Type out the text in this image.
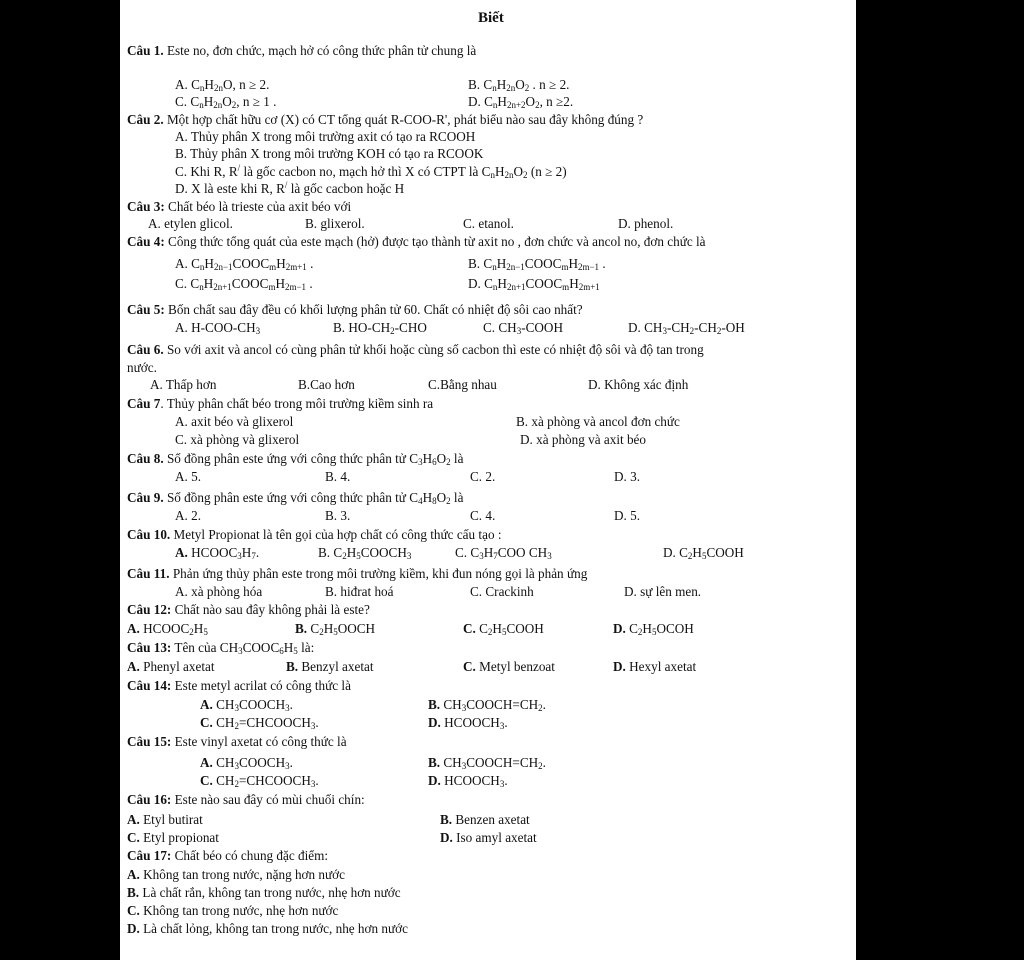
Biết
Câu 1. Este no, đơn chức, mạch hở có công thức phân tử chung là
A. $C_nH_{2n}O$, n ≥ 2.	B. $C_nH_{2n}O_2$ . n ≥ 2.
C. $C_nH_{2n}O_2$, n ≥ 1 .	D. $C_nH_{2n+2}O_2$, n ≥2.
Câu 2. Một hợp chất hữu cơ (X) có CT tổng quát R-COO-R', phát biểu nào sau đây không đúng ?
A. Thủy phân X trong môi trường axit có tạo ra RCOOH
B. Thủy phân X trong môi trường KOH có tạo ra RCOOK
C. Khi R, R/ là gốc cacbon no, mạch hở thì X có CTPT là $C_nH_{2n}O_2$ (n ≥ 2)
D. X là este khi R, R/ là gốc cacbon hoặc H
Câu 3: Chất béo là trieste của axit béo với
A. etylen glicol.	B. glixerol.	C. etanol.	D. phenol.
Câu 4: Công thức tổng quát của este mạch (hở) được tạo thành từ axit no , đơn chức và ancol no, đơn chức là
A. $C_nH_{2n-1}COOC_mH_{2m+1}$ .	B. $C_nH_{2n-1}COOC_mH_{2m-1}$ .
C. $C_nH_{2n+1}COOC_mH_{2m-1}$ .	D. $C_nH_{2n+1}COOC_mH_{2m+1}$
Câu 5: Bốn chất sau đây đều có khối lượng phân tử 60. Chất có nhiệt độ sôi cao nhất?
A. $H-COO-CH_3$	B. $HO-CH_2$-CHO	C. $CH_3$-COOH	D. $CH_3-CH_2-CH_2-OH$
Câu 6. So với axit và ancol có cùng phân tử khối hoặc cùng số cacbon thì este có nhiệt độ sôi và độ tan trong
nước.
A. Thấp hơn	B.Cao hơn	C.Bằng nhau	D. Không xác định
Câu 7. Thủy phân chất béo trong môi trường kiềm sinh ra
A. axit béo và glixerol	B. xà phòng và ancol đơn chức
C. xà phòng và glixerol	D. xà phòng và axit béo
Câu 8. Số đồng phân este ứng với công thức phân tử $C_3H_6O_2$ là
A. 5.	B. 4.	C. 2.	D. 3.
Câu 9. Số đồng phân este ứng với công thức phân tử $C_4H_8O_2$ là
A. 2.	B. 3.	C. 4.	D. 5.
Câu 10. Metyl Propionat là tên gọi của hợp chất có công thức cấu tạo :
A. $HCOOC_3H_7$.	B. $C_2H_5COOCH_3$	C. $C_3H_7COO$ $CH_3$	D. $C_2H_5COOH$
Câu 11. Phản ứng thủy phân este trong môi trường kiềm, khi đun nóng gọi là phản ứng
A. xà phòng hóa	B. hiđrat hoá	C. Crackinh	D. sự lên men.
Câu 12: Chất nào sau đây không phải là este?
A. $HCOOC_2H_5$	B. $C_2H_5OOCH$	C. $C_2H_5COOH$	D. $C_2H_5OCOH$
Câu 13: Tên của $CH_3COOC_6H_5$ là:
A. Phenyl axetat	B. Benzyl axetat	C. Metyl benzoat	D. Hexyl axetat
Câu 14: Este metyl acrilat có công thức là
A. $CH_3COOCH_3$.	B. $CH_3COOCH=CH_2$.
C. $CH_2=CHCOOCH_3$.	D. $HCOOCH_3$.
Câu 15: Este vinyl axetat có công thức là
A. $CH_3COOCH_3$.	B. $CH_3COOCH=CH_2$.
C. $CH_2=CHCOOCH_3$.	D. $HCOOCH_3$.
Câu 16: Este nào sau đây có mùi chuối chín:
A. Etyl butirat	B. Benzen axetat
C. Etyl propionat	D. Iso amyl axetat
Câu 17: Chất béo có chung đặc điểm:
A. Không tan trong nước, nặng hơn nước
B. Là chất rắn, không tan trong nước, nhẹ hơn nước
C. Không tan trong nước, nhẹ hơn nước
D. Là chất lỏng, không tan trong nước, nhẹ hơn nước
